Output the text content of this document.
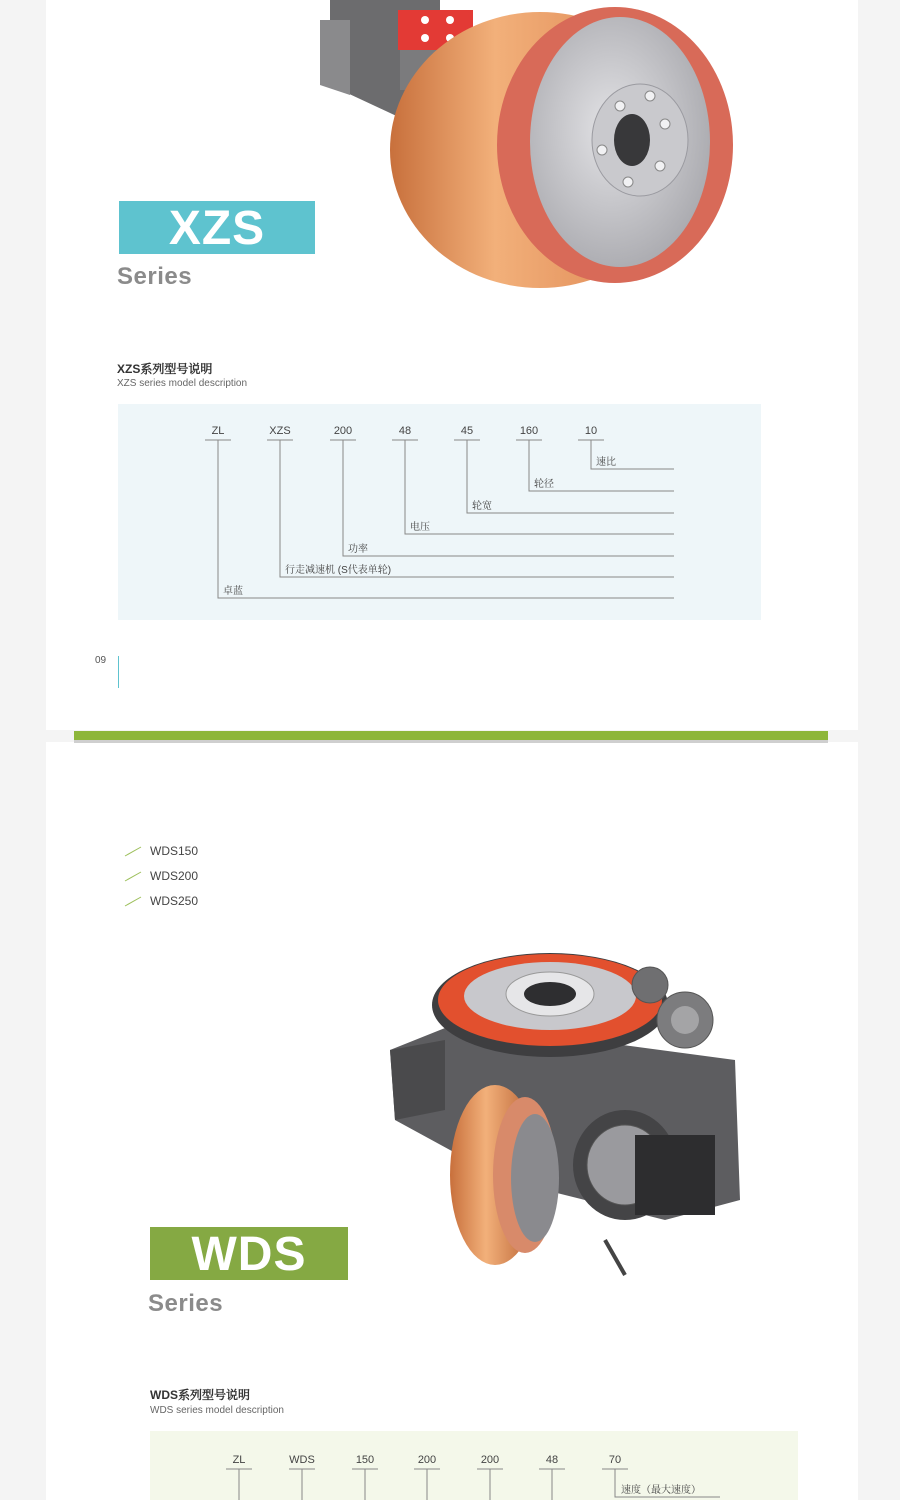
XZS
Series
XZS系列型号说明
XZS series model description
ZL	XZS	200	48	45	160	10
速比
轮径
轮宽
电压
功率
行走减速机 (S代表单轮)
卓蓝
09
WDS150
WDS200
WDS250
WDS
Series
WDS系列型号说明
WDS series model description
ZL	WDS	150	200	200	48	70
速度（最大速度）
